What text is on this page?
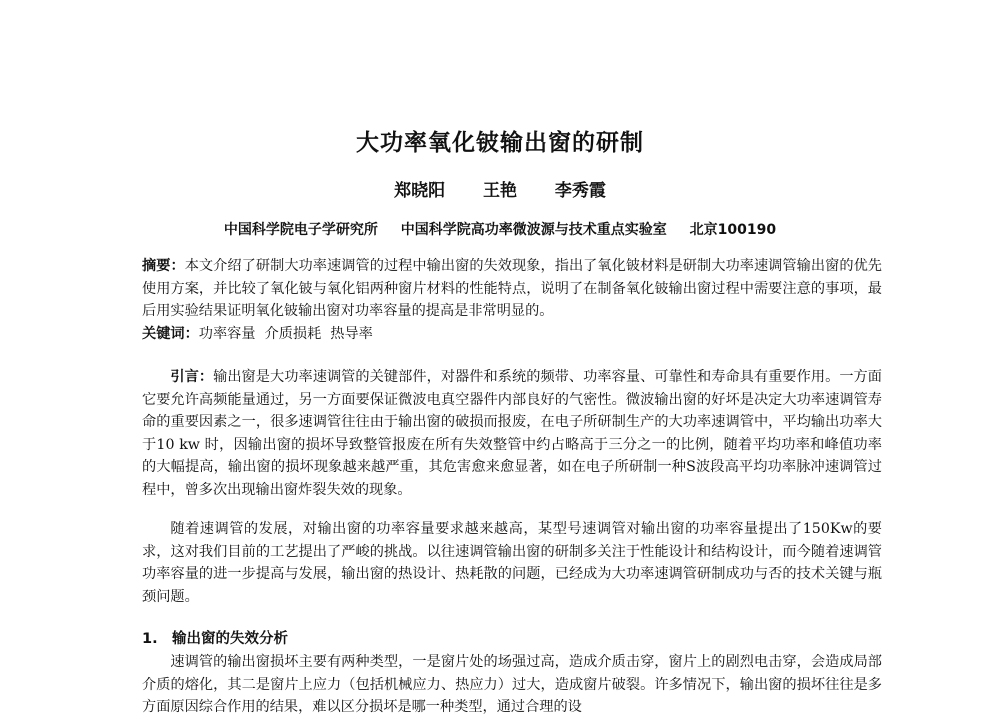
大功率氧化铍输出窗的研制
郑晓阳 王艳 李秀霞
中国科学院电子学研究所 中国科学院高功率微波源与技术重点实验室 北京100190

摘要：本文介绍了研制大功率速调管的过程中输出窗的失效现象，指出了氧化铍材料是研制大功率速调管输出窗的优先使用方案，并比较了氧化铍与氧化铝两种窗片材料的性能特点，说明了在制备氧化铍输出窗过程中需要注意的事项，最后用实验结果证明氧化铍输出窗对功率容量的提高是非常明显的。

关键词：功率容量  介质损耗  热导率

引言：输出窗是大功率速调管的关键部件，对器件和系统的频带、功率容量、可靠性和寿命具有重要作用。一方面它要允许高频能量通过，另一方面要保证微波电真空器件内部良好的气密性。微波输出窗的好坏是决定大功率速调管寿命的重要因素之一，很多速调管往往由于输出窗的破损而报废，在电子所研制生产的大功率速调管中，平均输出功率大于10 kw 时，因输出窗的损坏导致整管报废在所有失效整管中约占略高于三分之一的比例，随着平均功率和峰值功率的大幅提高，输出窗的损坏现象越来越严重，其危害愈来愈显著，如在电子所研制一种S波段高平均功率脉冲速调管过程中，曾多次出现输出窗炸裂失效的现象。

随着速调管的发展，对输出窗的功率容量要求越来越高，某型号速调管对输出窗的功率容量提出了150Kw的要求，这对我们目前的工艺提出了严峻的挑战。以往速调管输出窗的研制多关注于性能设计和结构设计，而今随着速调管功率容量的进一步提高与发展，输出窗的热设计、热耗散的问题，已经成为大功率速调管研制成功与否的技术关键与瓶颈问题。

1. 输出窗的失效分析

速调管的输出窗损坏主要有两种类型，一是窗片处的场强过高，造成介质击穿，窗片上的剧烈电击穿，会造成局部介质的熔化，其二是窗片上应力（包括机械应力、热应力）过大，造成窗片破裂。许多情况下，输出窗的损坏往往是多方面原因综合作用的结果，难以区分损坏是哪一种类型，通过合理的设
